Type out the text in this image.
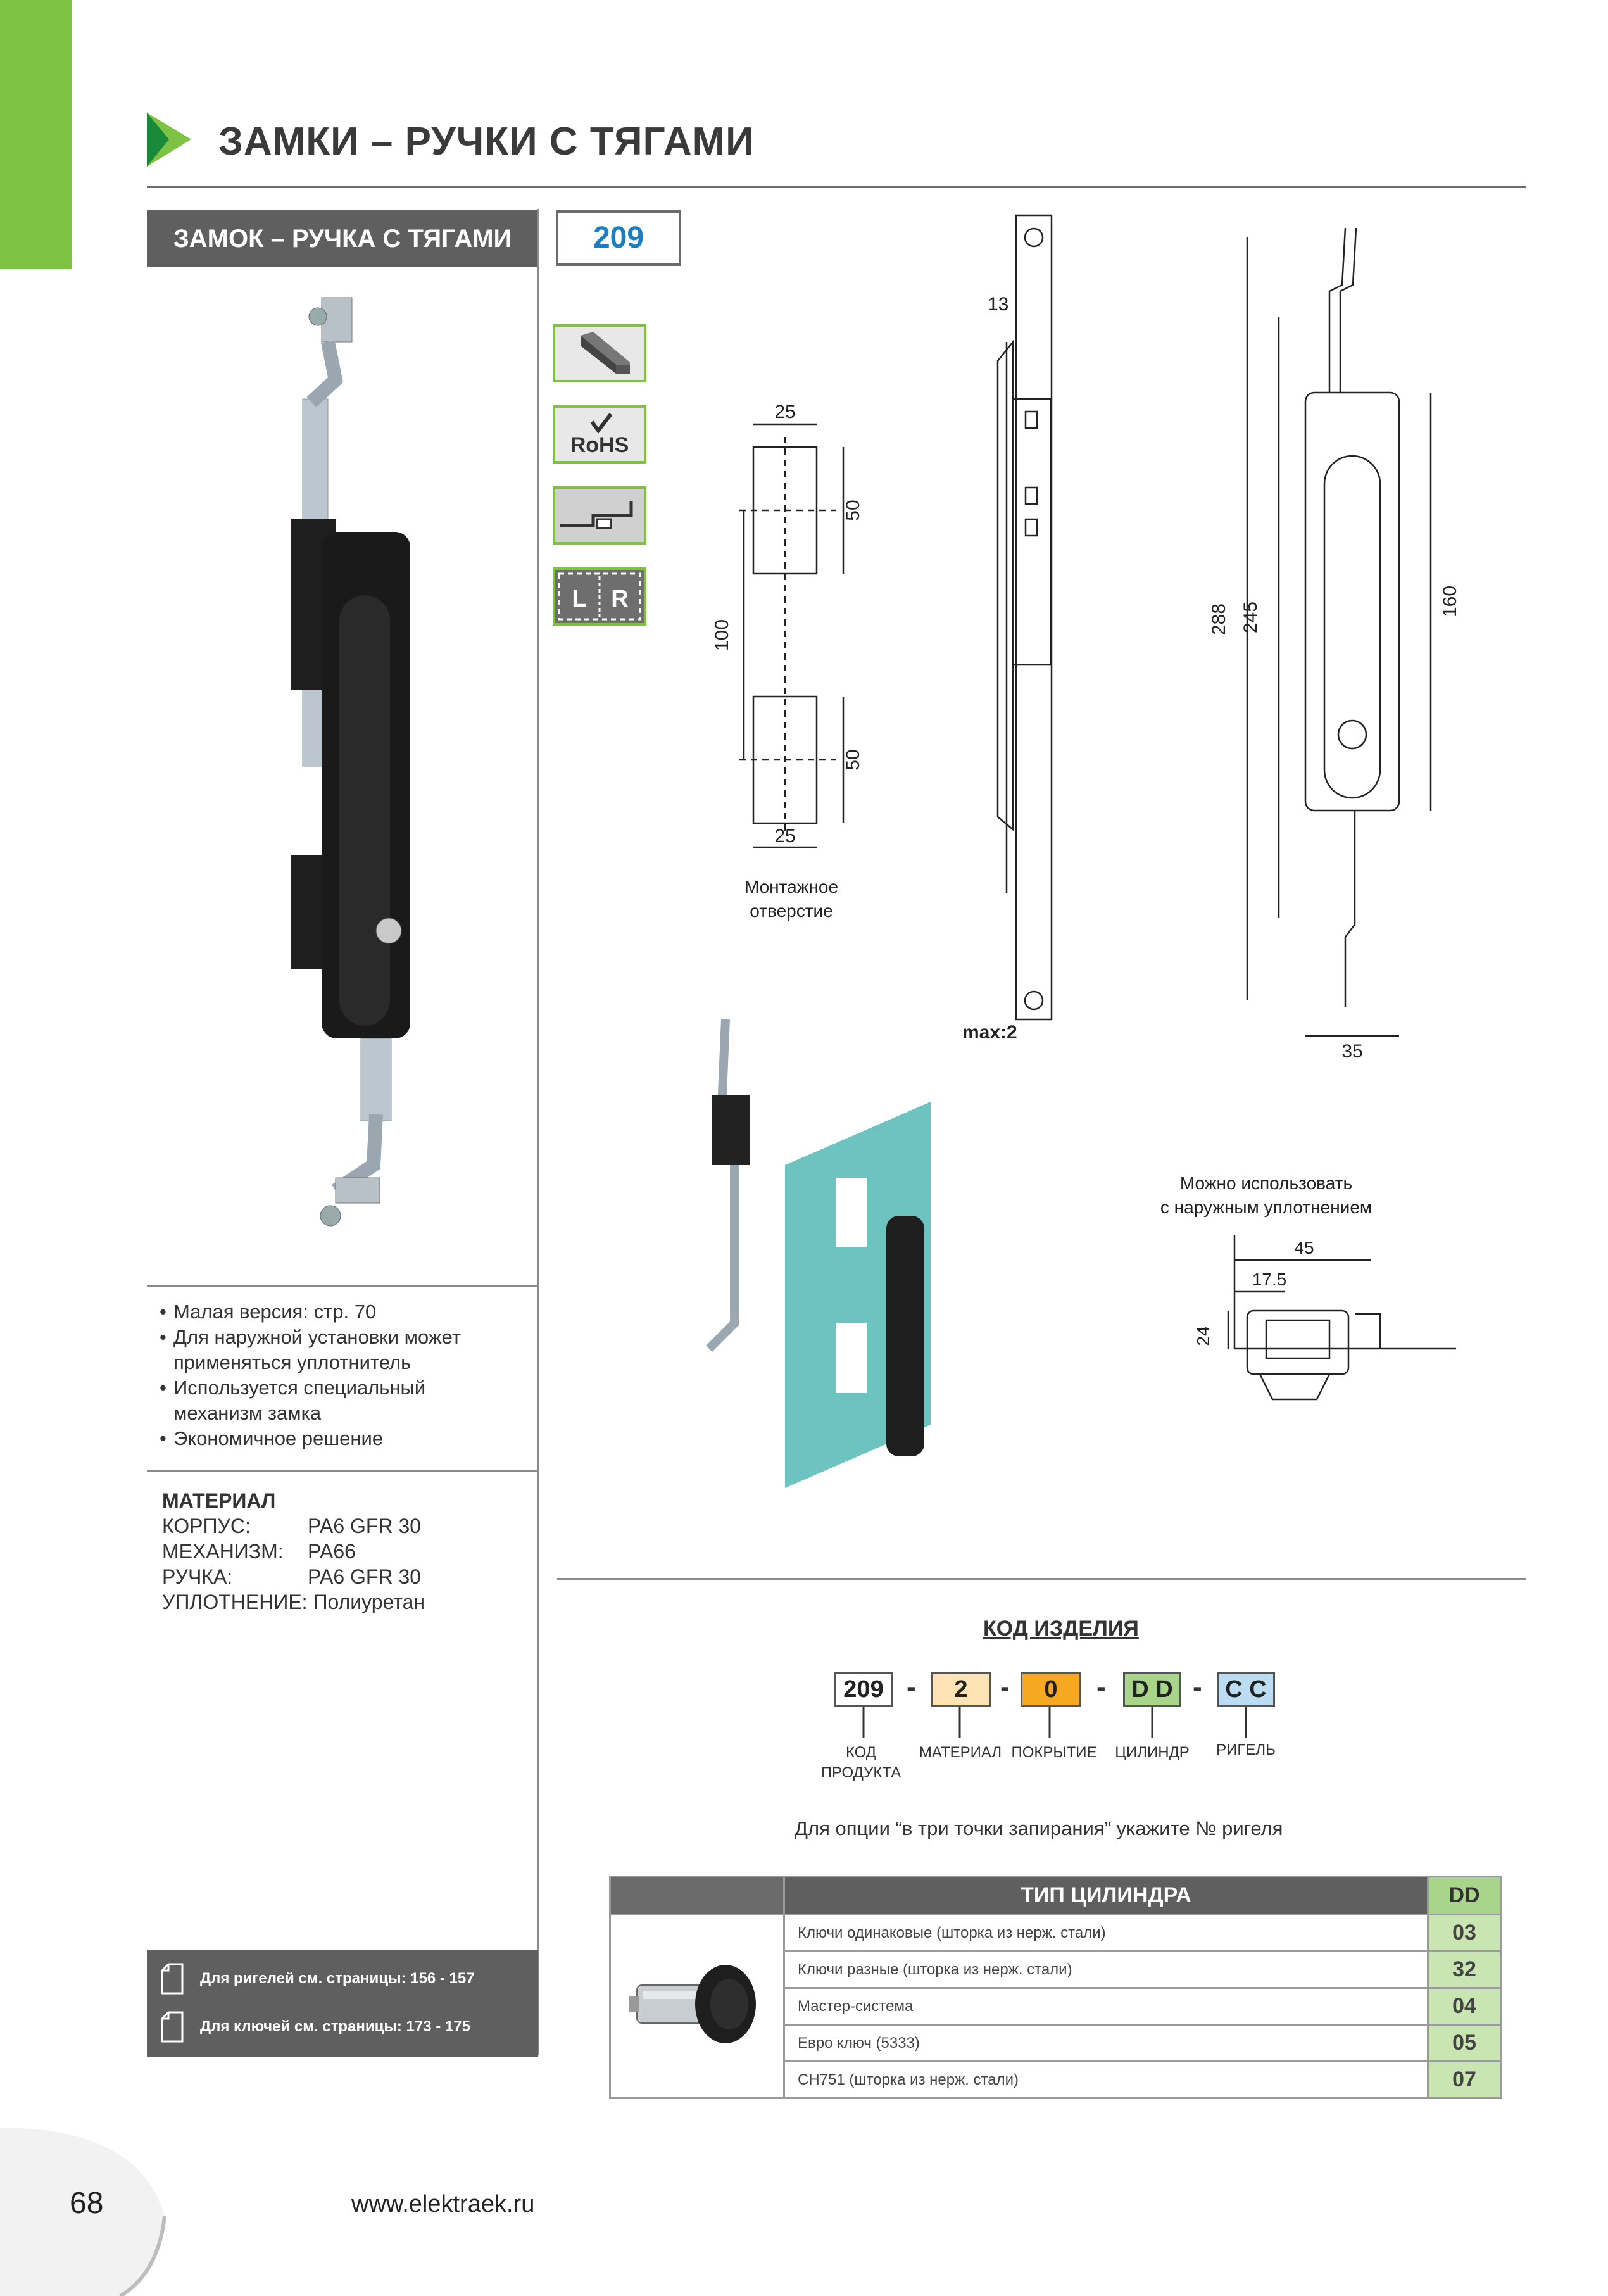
ЗАМКИ – РУЧКИ С ТЯГАМИ
ЗАМОК – РУЧКА С ТЯГАМИ	209
RoHS
L R
• Малая версия: стр. 70
• Для наружной установки может применяться уплотнитель
• Используется специальный механизм замка
• Экономичное решение
МАТЕРИАЛ
КОРПУС:	PA6 GFR 30
МЕХАНИЗМ:	PA66
РУЧКА:	PA6 GFR 30
УПЛОТНЕНИЕ: Полиуретан
Для ригелей см. страницы: 156 - 157
Для ключей см. страницы: 173 - 175
25
50
100
50
25
Монтажное
отверстие
13
max:2
288 245	160
35
Можно использовать
с наружным уплотнением
45
17.5
24
КОД ИЗДЕЛИЯ
209 -	2	-	0	-	D D - C C
КОД
ПРОДУКТА
МАТЕРИАЛ ПОКРЫТИЕ	ЦИЛИНДР	РИГЕЛЬ
Для опции “в три точки запирания” укажите № ригеля
	ТИП ЦИЛИНДРА	DD
	Ключи одинаковые (шторка из нерж. стали)	03
	Ключи разные (шторка из нерж. стали)	32
	Мастер-система	04
	Евро ключ (5333)	05
	CH751 (шторка из нерж. стали)	07
68	www.elektraek.ru
